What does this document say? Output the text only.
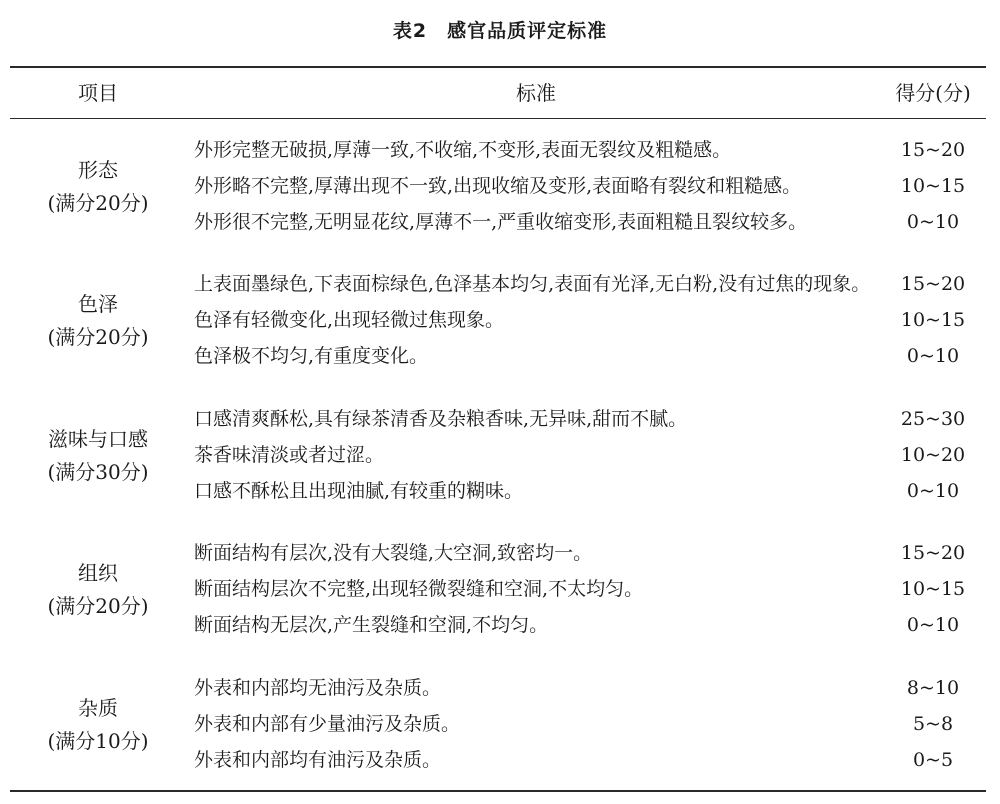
表2　感官品质评定标准
项目	标准	得分(分)
形态
(满分20分)
外形完整无破损,厚薄一致,不收缩,不变形,表面无裂纹及粗糙感。	15~20
外形略不完整,厚薄出现不一致,出现收缩及变形,表面略有裂纹和粗糙感。	10~15
外形很不完整,无明显花纹,厚薄不一,严重收缩变形,表面粗糙且裂纹较多。	0~10
色泽
(满分20分)
上表面墨绿色,下表面棕绿色,色泽基本均匀,表面有光泽,无白粉,没有过焦的现象。	15~20
色泽有轻微变化,出现轻微过焦现象。	10~15
色泽极不均匀,有重度变化。	0~10
滋味与口感
(满分30分)
口感清爽酥松,具有绿茶清香及杂粮香味,无异味,甜而不腻。	25~30
茶香味清淡或者过涩。	10~20
口感不酥松且出现油腻,有较重的糊味。	0~10
组织
(满分20分)
断面结构有层次,没有大裂缝,大空洞,致密均一。	15~20
断面结构层次不完整,出现轻微裂缝和空洞,不太均匀。	10~15
断面结构无层次,产生裂缝和空洞,不均匀。	0~10
杂质
(满分10分)
外表和内部均无油污及杂质。	8~10
外表和内部有少量油污及杂质。	5~8
外表和内部均有油污及杂质。	0~5
